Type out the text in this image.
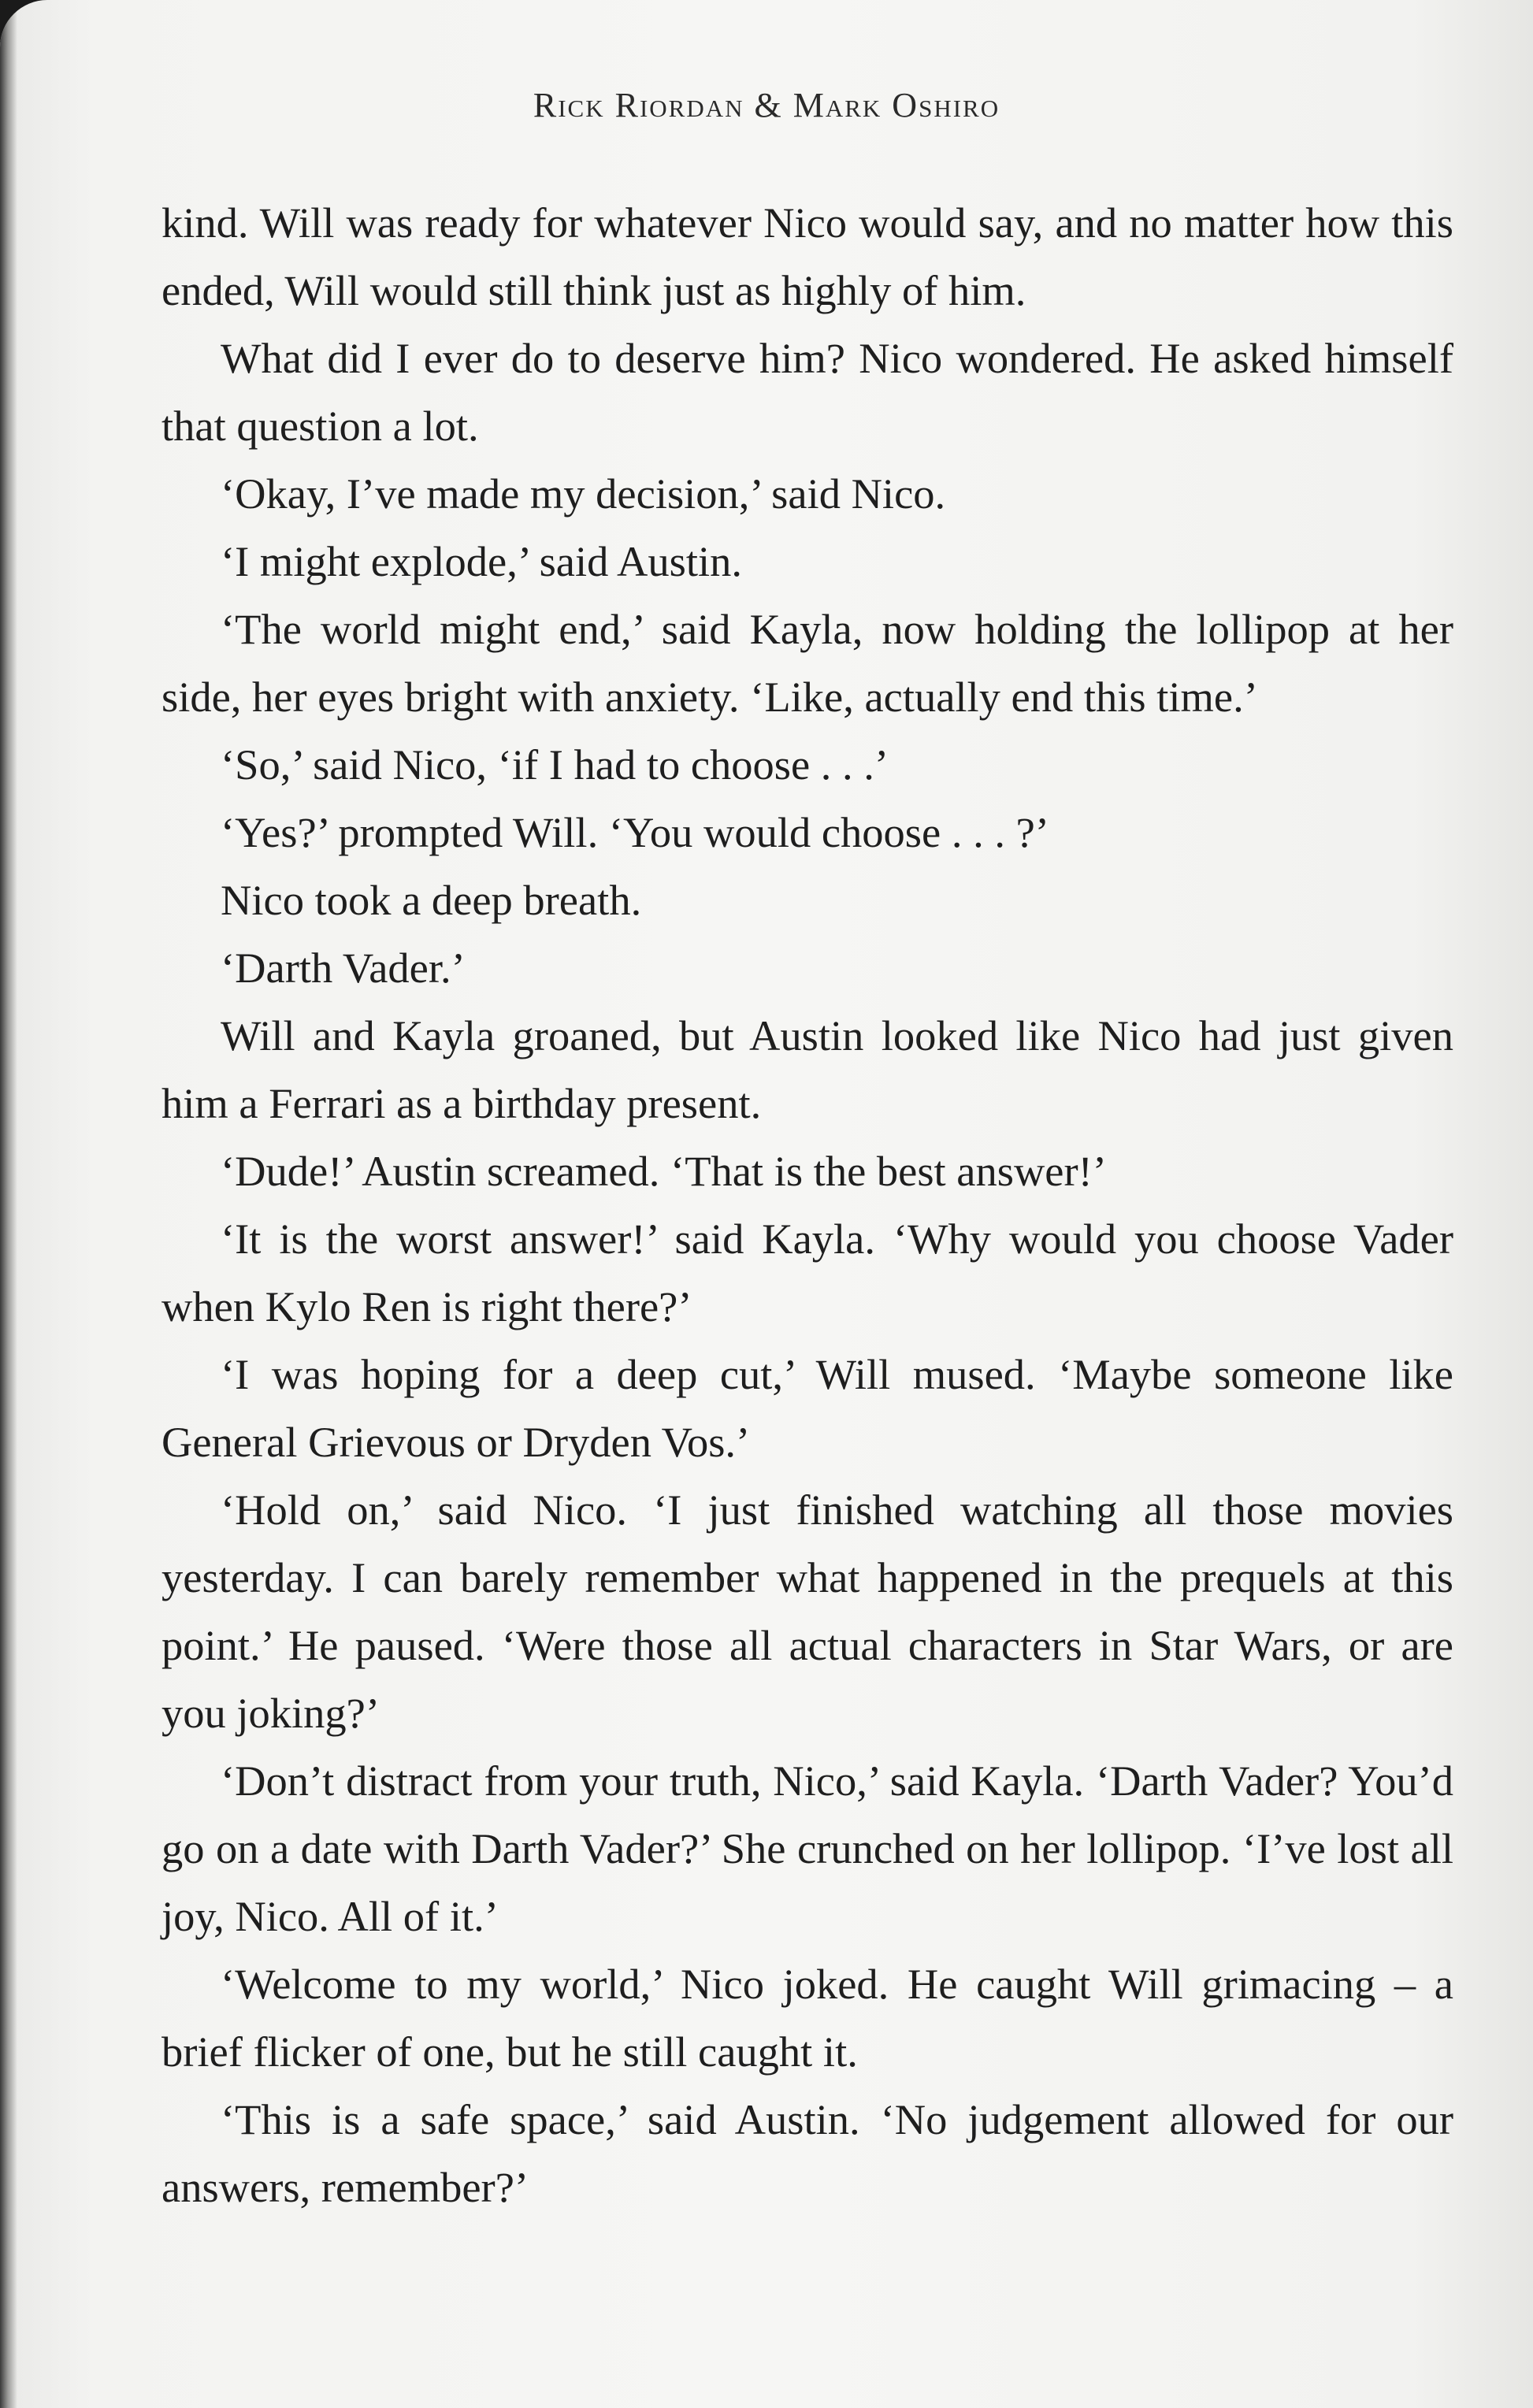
Rick Riordan & Mark Oshiro

kind. Will was ready for whatever Nico would say, and no matter how this ended, Will would still think just as highly of him.

What did I ever do to deserve him? Nico wondered. He asked himself that question a lot.

‘Okay, I’ve made my decision,’ said Nico.

‘I might explode,’ said Austin.

‘The world might end,’ said Kayla, now holding the lollipop at her side, her eyes bright with anxiety. ‘Like, actually end this time.’

‘So,’ said Nico, ‘if I had to choose . . .’

‘Yes?’ prompted Will. ‘You would choose . . . ?’

Nico took a deep breath.

‘Darth Vader.’

Will and Kayla groaned, but Austin looked like Nico had just given him a Ferrari as a birthday present.

‘Dude!’ Austin screamed. ‘That is the best answer!’

‘It is the worst answer!’ said Kayla. ‘Why would you choose Vader when Kylo Ren is right there?’

‘I was hoping for a deep cut,’ Will mused. ‘Maybe someone like General Grievous or Dryden Vos.’

‘Hold on,’ said Nico. ‘I just finished watching all those movies yesterday. I can barely remember what happened in the prequels at this point.’ He paused. ‘Were those all actual characters in Star Wars, or are you joking?’

‘Don’t distract from your truth, Nico,’ said Kayla. ‘Darth Vader? You’d go on a date with Darth Vader?’ She crunched on her lollipop. ‘I’ve lost all joy, Nico. All of it.’

‘Welcome to my world,’ Nico joked. He caught Will grimacing – a brief flicker of one, but he still caught it.

‘This is a safe space,’ said Austin. ‘No judgement allowed for our answers, remember?’
